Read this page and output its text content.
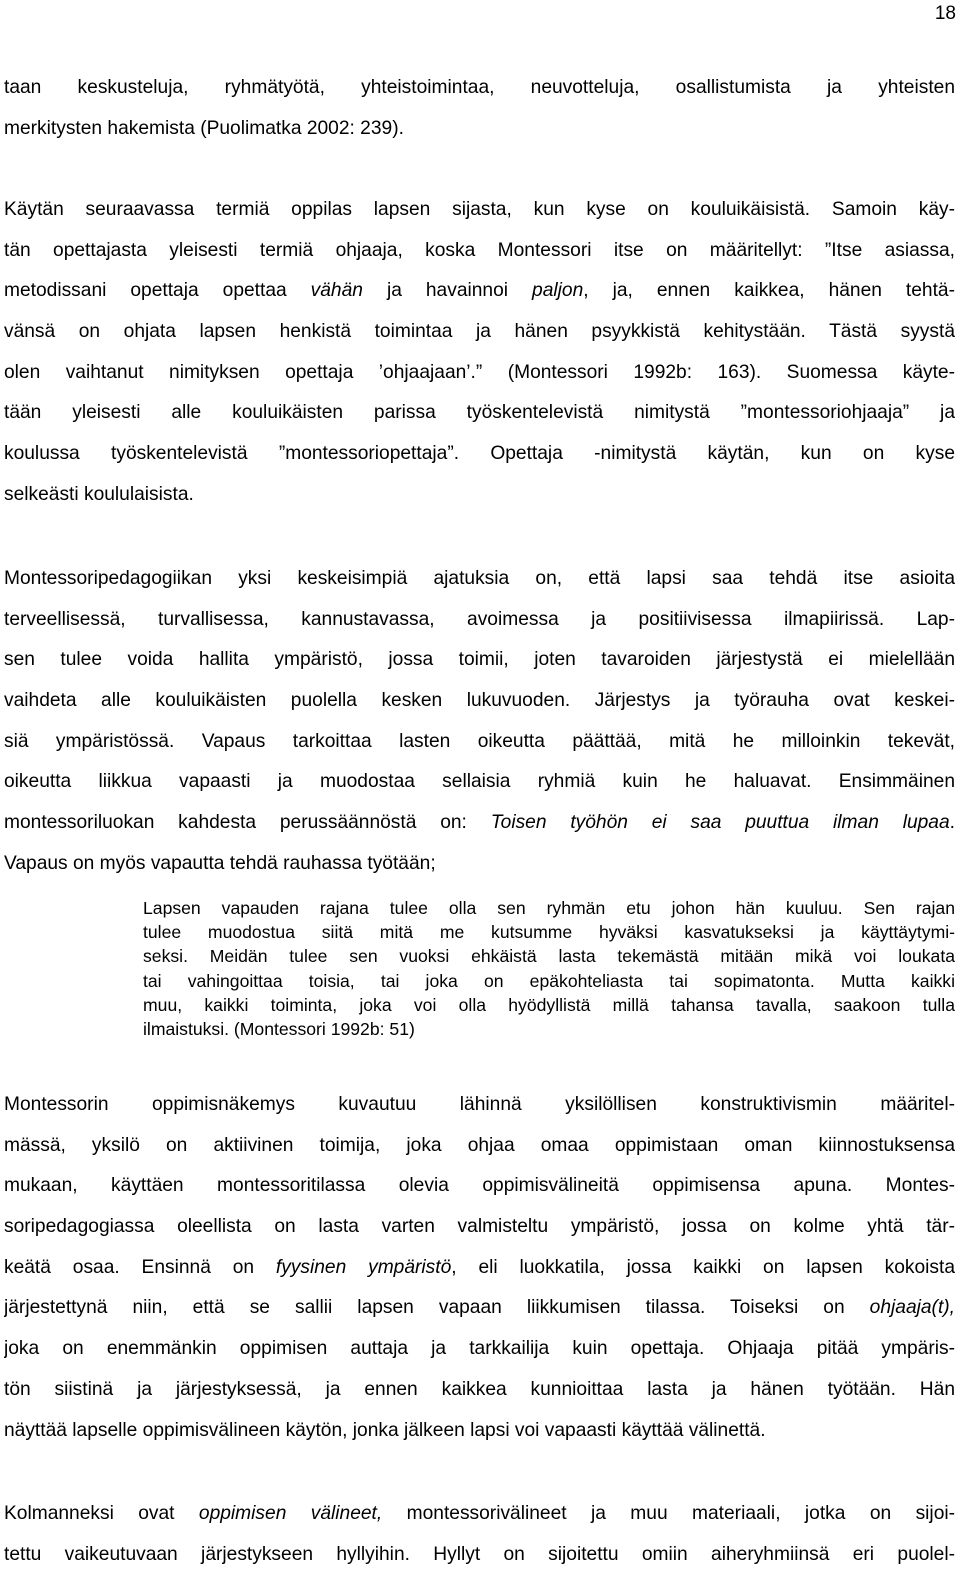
18
taan keskusteluja, ryhmätyötä, yhteistoimintaa, neuvotteluja, osallistumista ja yhteisten
merkitysten hakemista (Puolimatka 2002: 239).
Käytän seuraavassa termiä oppilas lapsen sijasta, kun kyse on kouluikäisistä. Samoin käy-
tän opettajasta yleisesti termiä ohjaaja, koska Montessori itse on määritellyt: ”Itse asiassa,
metodissani opettaja opettaa vähän ja havainnoi paljon, ja, ennen kaikkea, hänen tehtä-
vänsä on ohjata lapsen henkistä toimintaa ja hänen psyykkistä kehitystään. Tästä syystä
olen vaihtanut nimityksen opettaja ’ohjaajaan’.” (Montessori 1992b: 163). Suomessa käyte-
tään yleisesti alle kouluikäisten parissa työskentelevistä nimitystä ”montessoriohjaaja” ja
koulussa työskentelevistä ”montessoriopettaja”. Opettaja -nimitystä käytän, kun on kyse
selkeästi koululaisista.
Montessoripedagogiikan yksi keskeisimpiä ajatuksia on, että lapsi saa tehdä itse asioita
terveellisessä, turvallisessa, kannustavassa, avoimessa ja positiivisessa ilmapiirissä. Lap-
sen tulee voida hallita ympäristö, jossa toimii, joten tavaroiden järjestystä ei mielellään
vaihdeta alle kouluikäisten puolella kesken lukuvuoden. Järjestys ja työrauha ovat keskei-
siä ympäristössä. Vapaus tarkoittaa lasten oikeutta päättää, mitä he milloinkin tekevät,
oikeutta liikkua vapaasti ja muodostaa sellaisia ryhmiä kuin he haluavat. Ensimmäinen
montessoriluokan kahdesta perussäännöstä on: Toisen työhön ei saa puuttua ilman lupaa.
Vapaus on myös vapautta tehdä rauhassa työtään;
Lapsen vapauden rajana tulee olla sen ryhmän etu johon hän kuuluu. Sen rajan
tulee muodostua siitä mitä me kutsumme hyväksi kasvatukseksi ja käyttäytymi-
seksi. Meidän tulee sen vuoksi ehkäistä lasta tekemästä mitään mikä voi loukata
tai vahingoittaa toisia, tai joka on epäkohteliasta tai sopimatonta. Mutta kaikki
muu, kaikki toiminta, joka voi olla hyödyllistä millä tahansa tavalla, saakoon tulla
ilmaistuksi. (Montessori 1992b: 51)
Montessorin oppimisnäkemys kuvautuu lähinnä yksilöllisen konstruktivismin määritel-
mässä, yksilö on aktiivinen toimija, joka ohjaa omaa oppimistaan oman kiinnostuksensa
mukaan, käyttäen montessoritilassa olevia oppimisvälineitä oppimisensa apuna. Montes-
soripedagogiassa oleellista on lasta varten valmisteltu ympäristö, jossa on kolme yhtä tär-
keätä osaa. Ensinnä on fyysinen ympäristö, eli luokkatila, jossa kaikki on lapsen kokoista
järjestettynä niin, että se sallii lapsen vapaan liikkumisen tilassa. Toiseksi on ohjaaja(t),
joka on enemmänkin oppimisen auttaja ja tarkkailija kuin opettaja. Ohjaaja pitää ympäris-
tön siistinä ja järjestyksessä, ja ennen kaikkea kunnioittaa lasta ja hänen työtään. Hän
näyttää lapselle oppimisvälineen käytön, jonka jälkeen lapsi voi vapaasti käyttää välinettä.
Kolmanneksi ovat oppimisen välineet, montessorivälineet ja muu materiaali, jotka on sijoi-
tettu vaikeutuvaan järjestykseen hyllyihin. Hyllyt on sijoitettu omiin aiheryhmiinsä eri puolel-
